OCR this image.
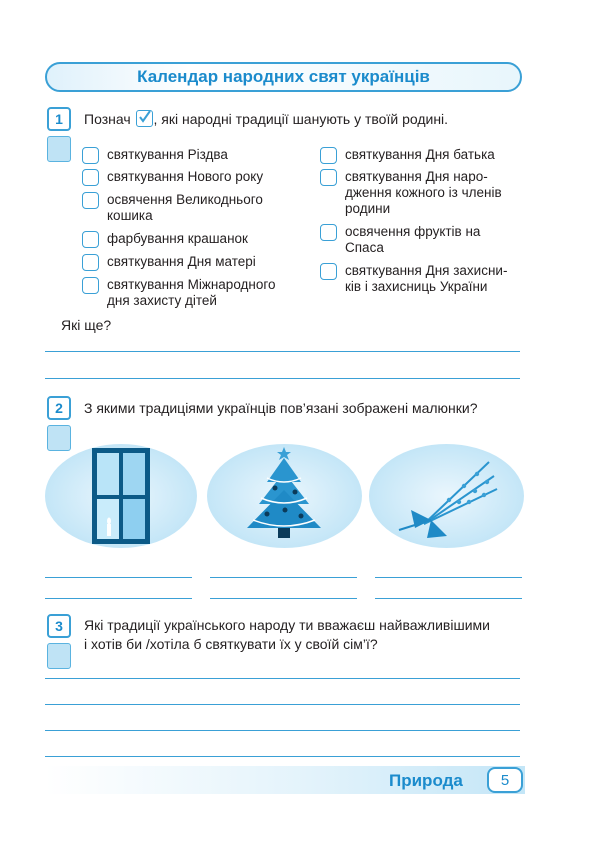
Календар народних свят українців
1 Познач , які народні традиції шанують у твоїй родині.
святкування Різдва
святкування Нового року
освячення Великоднього
кошика
фарбування крашанок
святкування Дня матері
святкування Міжнародного
дня захисту дітей
святкування Дня батька
святкування Дня наро-
дження кожного із членів
родини
освячення фруктів на
Спаса
святкування Дня захисни-
ків і захисниць України
Які ще?
2 З якими традиціями українців пов’язані зображені малюнки?
3 Які традиції українського народу ти вважаєш найважливішими
і хотів би /хотіла б святкувати їх у своїй сім’ї?
Природа	5
